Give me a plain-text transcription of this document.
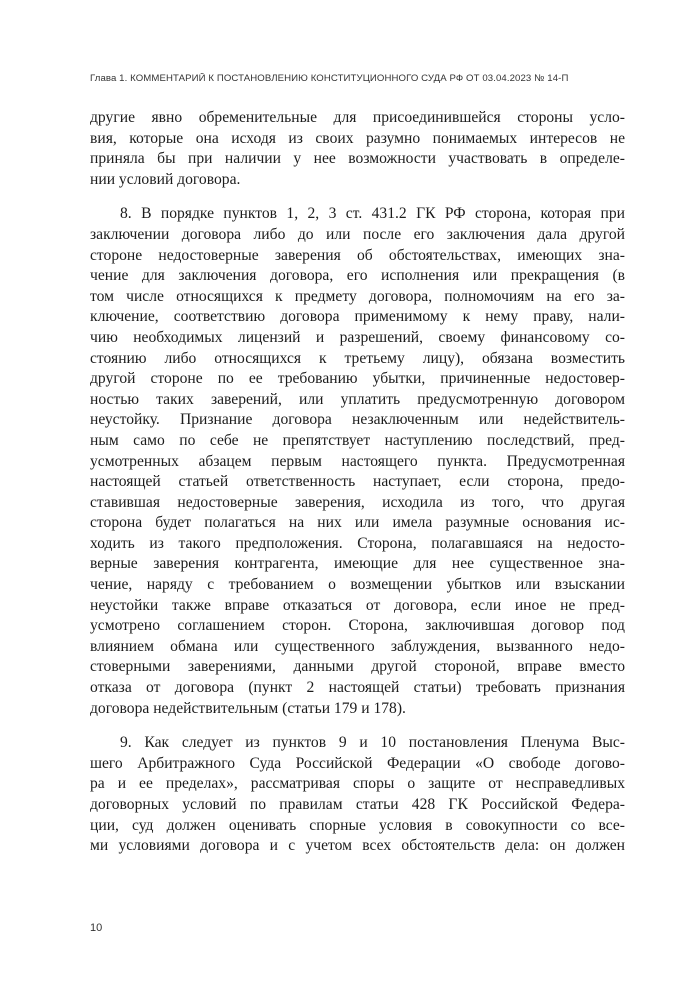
Глава 1. КОММЕНТАРИЙ К ПОСТАНОВЛЕНИЮ КОНСТИТУЦИОННОГО СУДА РФ ОТ 03.04.2023 № 14-П
другие явно обременительные для присоединившейся стороны усло-
вия, которые она исходя из своих разумно понимаемых интересов не
приняла бы при наличии у нее возможности участвовать в определе-
нии условий договора.
8. В порядке пунктов 1, 2, 3 ст. 431.2 ГК РФ сторона, которая при
заключении договора либо до или после его заключения дала другой
стороне недостоверные заверения об обстоятельствах, имеющих зна-
чение для заключения договора, его исполнения или прекращения (в
том числе относящихся к предмету договора, полномочиям на его за-
ключение, соответствию договора применимому к нему праву, нали-
чию необходимых лицензий и разрешений, своему финансовому со-
стоянию либо относящихся к третьему лицу), обязана возместить
другой стороне по ее требованию убытки, причиненные недостовер-
ностью таких заверений, или уплатить предусмотренную договором
неустойку. Признание договора незаключенным или недействитель-
ным само по себе не препятствует наступлению последствий, пред-
усмотренных абзацем первым настоящего пункта. Предусмотренная
настоящей статьей ответственность наступает, если сторона, предо-
ставившая недостоверные заверения, исходила из того, что другая
сторона будет полагаться на них или имела разумные основания ис-
ходить из такого предположения. Сторона, полагавшаяся на недосто-
верные заверения контрагента, имеющие для нее существенное зна-
чение, наряду с требованием о возмещении убытков или взыскании
неустойки также вправе отказаться от договора, если иное не пред-
усмотрено соглашением сторон. Сторона, заключившая договор под
влиянием обмана или существенного заблуждения, вызванного недо-
стоверными заверениями, данными другой стороной, вправе вместо
отказа от договора (пункт 2 настоящей статьи) требовать признания
договора недействительным (статьи 179 и 178).
9. Как следует из пунктов 9 и 10 постановления Пленума Выс-
шего Арбитражного Суда Российской Федерации «О свободе догово-
ра и ее пределах», рассматривая споры о защите от несправедливых
договорных условий по правилам статьи 428 ГК Российской Федера-
ции, суд должен оценивать спорные условия в совокупности со все-
ми условиями договора и с учетом всех обстоятельств дела: он должен
10
